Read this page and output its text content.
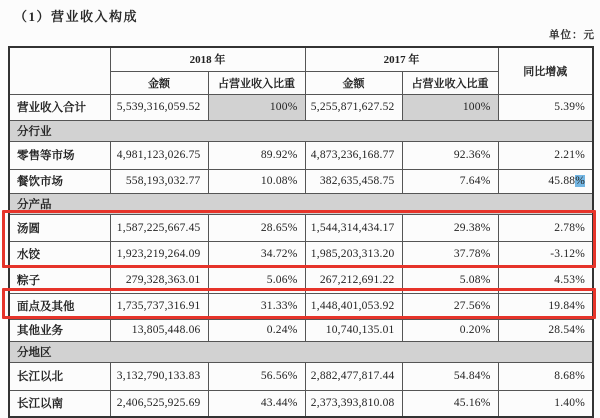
（1）营业收入构成
单位：元
	2018 年		2017 年		同比增减
	金额	占营业收入比重	金额	占营业收入比重	
营业收入合计	5,539,316,059.52	100%	5,255,871,627.52	100%	5.39%
分行业					
零售等市场	4,981,123,026.75	89.92%	4,873,236,168.77	92.36%	2.21%
餐饮市场	558,193,032.77	10.08%	382,635,458.75	7.64%	45.88%
分产品					
汤圆	1,587,225,667.45	28.65%	1,544,314,434.17	29.38%	2.78%
水饺	1,923,219,264.09	34.72%	1,985,203,313.20	37.78%	-3.12%
粽子	279,328,363.01	5.06%	267,212,691.22	5.08%	4.53%
面点及其他	1,735,737,316.91	31.33%	1,448,401,053.92	27.56%	19.84%
其他业务	13,805,448.06	0.24%	10,740,135.01	0.20%	28.54%
分地区					
长江以北	3,132,790,133.83	56.56%	2,882,477,817.44	54.84%	8.68%
长江以南	2,406,525,925.69	43.44%	2,373,393,810.08	45.16%	1.40%
